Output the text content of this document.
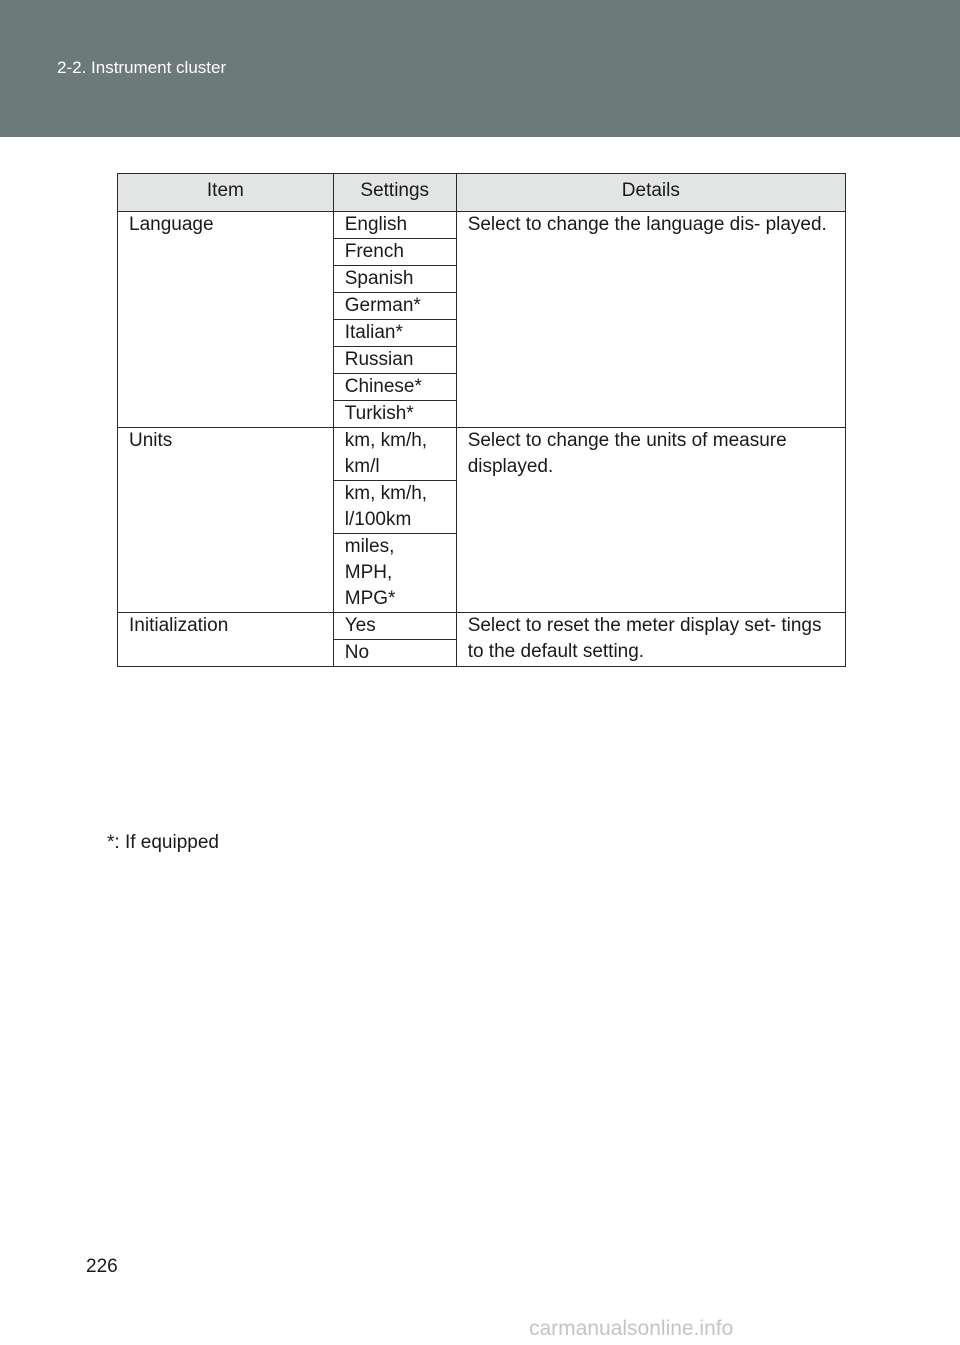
2-2. Instrument cluster
Item	Settings	Details
Language	English	Select to change the language dis- played.
	French	
	Spanish	
	German*	
	Italian*	
	Russian	
	Chinese*	
	Turkish*	
Units	km, km/h, km/l	Select to change the units of measure displayed.
	km, km/h, l/100km	
	miles, MPH, MPG*	
Initialization	Yes	Select to reset the meter display set- tings to the default setting.
	No	
*: If equipped
226
carmanualsonline.info
